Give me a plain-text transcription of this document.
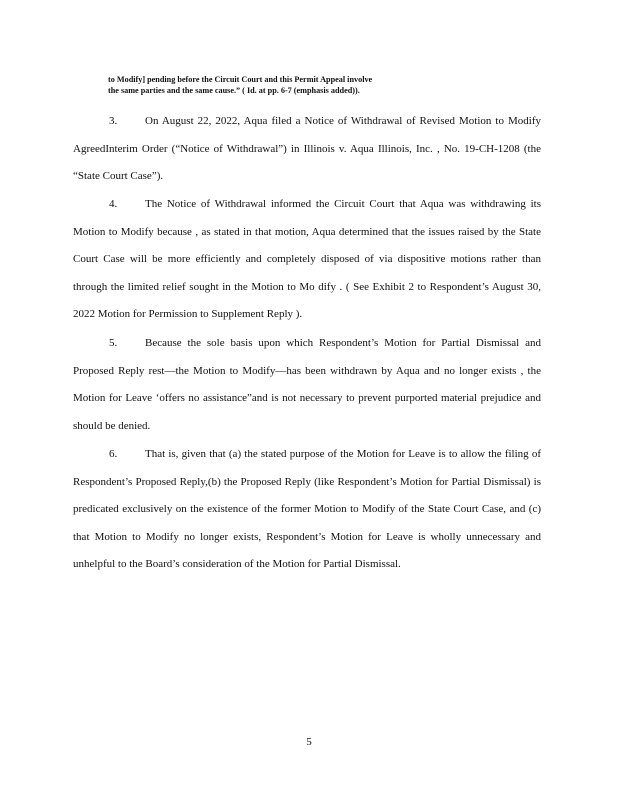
to Modify] pending before the Circuit Court and this Permit Appeal involve
the same parties and the same cause.” ( Id. at pp. 6-7 (emphasis added)).
3.	On August 22, 2022, Aqua filed a Notice of Withdrawal of Revised Motion to Modify AgreedInterim Order (“Notice of Withdrawal”) in Illinois v. Aqua Illinois, Inc. , No. 19-CH-1208 (the “State Court Case”).
4.	The Notice of Withdrawal informed the Circuit Court that Aqua was withdrawing its Motion to Modify because , as stated in that motion, Aqua determined that the issues raised by the State Court Case will be more efficiently and completely disposed of via dispositive motions rather than through the limited relief sought in the Motion to Mo dify . ( See Exhibit 2 to Respondent’s August 30, 2022 Motion for Permission to Supplement Reply ).
5.	Because the sole basis upon which Respondent’s Motion for Partial Dismissal and Proposed Reply rest—the Motion to Modify—has been withdrawn by Aqua and no longer exists , the Motion for Leave ‘offers no assistance”and is not necessary to prevent purported material prejudice and should be denied.
6.	That is, given that (a) the stated purpose of the Motion for Leave is to allow the filing of Respondent’s Proposed Reply,(b) the Proposed Reply (like Respondent’s Motion for Partial Dismissal) is predicated exclusively on the existence of the former Motion to Modify of the State Court Case, and (c) that Motion to Modify no longer exists, Respondent’s Motion for Leave is wholly unnecessary and unhelpful to the Board’s consideration of the Motion for Partial Dismissal.
5
